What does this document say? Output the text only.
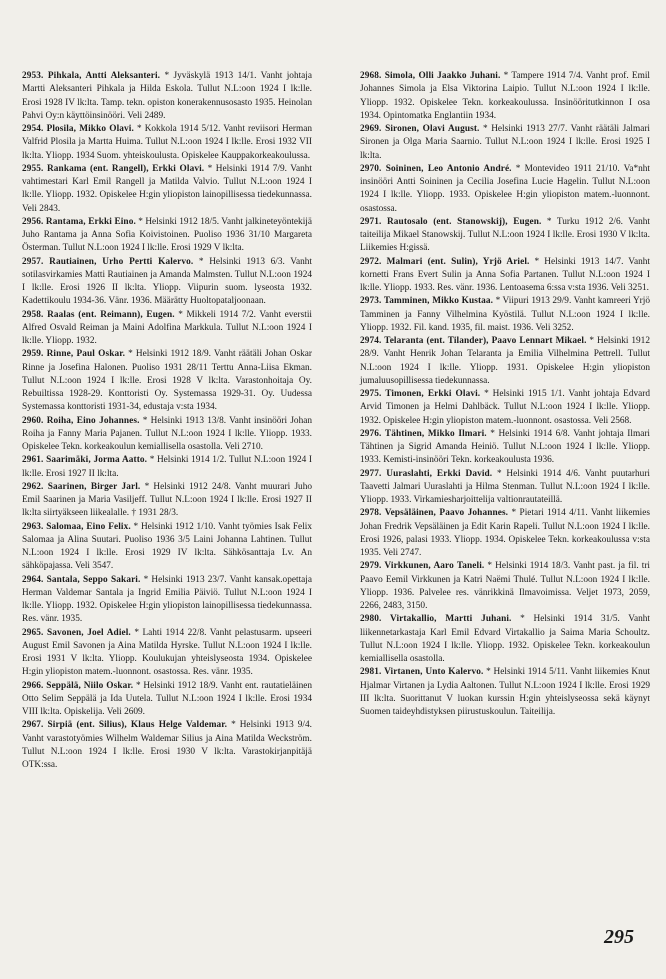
2953. Pihkala, Antti Aleksanteri. * Jyväskylä 1913 14/1. Vanht johtaja Martti Aleksanteri Pihkala ja Hilda Eskola. Tullut N.L:oon 1924 I lk:lle. Erosi 1928 IV lk:lta. Tamp. tekn. opiston konerakennusosasto 1935. Heinolan Pahvi Oy:n käyttöinsinööri. Veli 2489.

2954. Plosila, Mikko Olavi. * Kokkola 1914 5/12. Vanht reviisori Herman Valfrid Plosila ja Martta Huima. Tullut N.L:oon 1924 I lk:lle. Erosi 1932 VII lk:lta. Yliopp. 1934 Suom. yhteiskoulusta. Opiskelee Kauppakorkeakoulussa.

2955. Rankama (ent. Rangell), Erkki Olavi. * Helsinki 1914 7/9. Vanht vahtimestari Karl Emil Rangell ja Matilda Valvio. Tullut N.L:oon 1924 I lk:lle. Yliopp. 1932. Opiskelee H:gin yliopiston lainopillisessa tiedekunnassa. Veli 2843.

2956. Rantama, Erkki Eino. * Helsinki 1912 18/5. Vanht jalkineteyöntekijä Juho Rantama ja Anna Sofia Koivistoinen. Puoliso 1936 31/10 Margareta Österman. Tullut N.L:oon 1924 I lk:lle. Erosi 1929 V lk:lta.

2957. Rautiainen, Urho Pertti Kalervo. * Helsinki 1913 6/3. Vanht sotilasvirkamies Matti Rautiainen ja Amanda Malmsten. Tullut N.L:oon 1924 I lk:lle. Erosi 1926 II lk:lta. Yliopp. Viipurin suom. lyseosta 1932. Kadettikoulu 1934-36. Vänr. 1936. Määrätty Huoltopataljoonaan.

2958. Raalas (ent. Reimann), Eugen. * Mikkeli 1914 7/2. Vanht everstii Alfred Osvald Reiman ja Maini Adolfina Markkula. Tullut N.L:oon 1924 I lk:lle. Yliopp. 1932.

2959. Rinne, Paul Oskar. * Helsinki 1912 18/9. Vanht räätäli Johan Oskar Rinne ja Josefina Halonen. Puoliso 1931 28/11 Terttu Anna-Liisa Ekman. Tullut N.L:oon 1924 I lk:lle. Erosi 1928 V lk:lta. Varastonhoitaja Oy. Rebuiltissa 1928-29. Konttoristi Oy. Systemassa 1929-31. Oy. Uudessa Systemassa konttoristi 1931-34, edustaja v:sta 1934.

2960. Roiha, Eino Johannes. * Helsinki 1913 13/8. Vanht insinööri Johan Roiha ja Fanny Maria Pajanen. Tullut N.L:oon 1924 I lk:lle. Yliopp. 1933. Opiskelee Tekn. korkeakoulun kemiallisella osastolla. Veli 2710.

2961. Saarimäki, Jorma Aatto. * Helsinki 1914 1/2. Tullut N.L:oon 1924 I lk:lle. Erosi 1927 II lk:lta.

2962. Saarinen, Birger Jarl. * Helsinki 1912 24/8. Vanht muurari Juho Emil Saarinen ja Maria Vasiljeff. Tullut N.L:oon 1924 I lk:lle. Erosi 1927 II lk:lta siirtyäkseen liikealalle. † 1931 28/3.

2963. Salomaa, Eino Felix. * Helsinki 1912 1/10. Vanht työmies Isak Felix Salomaa ja Alina Suutari. Puoliso 1936 3/5 Laini Johanna Lahtinen. Tullut N.L:oon 1924 I lk:lle. Erosi 1929 IV lk:lta. Sähkösanttaja Lv. An sähköpajassa. Veli 3547.

2964. Santala, Seppo Sakari. * Helsinki 1913 23/7. Vanht kansak.opettaja Herman Valdemar Santala ja Ingrid Emilia Päiviö. Tullut N.L:oon 1924 I lk:lle. Yliopp. 1932. Opiskelee H:gin yliopiston lainopillisessa tiedekunnassa. Res. vänr. 1935.

2965. Savonen, Joel Adiel. * Lahti 1914 22/8. Vanht pelastusarm. upseeri August Emil Savonen ja Aina Matilda Hyrske. Tullut N.L:oon 1924 I lk:lle. Erosi 1931 V lk:lta. Yliopp. Koulukujan yhteislyseosta 1934. Opiskelee H:gin yliopiston matem.-luonnont. osastossa. Res. vänr. 1935.

2966. Seppälä, Niilo Oskar. * Helsinki 1912 18/9. Vanht ent. rautatieläinen Otto Selim Seppälä ja Ida Uutela. Tullut N.L:oon 1924 I lk:lle. Erosi 1934 VIII lk:lta. Opiskelija. Veli 2609.

2967. Sirpiä (ent. Silius), Klaus Helge Valdemar. * Helsinki 1913 9/4. Vanht varastotyömies Wilhelm Waldemar Silius ja Aina Matilda Weckström. Tullut N.L:oon 1924 I lk:lle. Erosi 1930 V lk:lta. Varastokirjanpitäjä OTK:ssa.

2968. Simola, Olli Jaakko Juhani. * Tampere 1914 7/4. Vanht prof. Emil Johannes Simola ja Elsa Viktorina Laipio. Tullut N.L:oon 1924 I lk:lle. Yliopp. 1932. Opiskelee Tekn. korkeakoulussa. Insinööritutkinnon I osa 1934. Opintomatka Englantiin 1934.

2969. Sironen, Olavi August. * Helsinki 1913 27/7. Vanht räätäli Jalmari Sironen ja Olga Maria Saarnio. Tullut N.L:oon 1924 I lk:lle. Erosi 1925 I lk:lta.

2970. Soininen, Leo Antonio André. * Montevideo 1911 21/10. Va*nht insinööri Antti Soininen ja Cecilia Josefina Lucie Hagelin. Tullut N.L:oon 1924 I lk:lle. Yliopp. 1933. Opiskelee H:gin yliopiston matem.-luonnont. osastossa.

2971. Rautosalo (ent. Stanowskij), Eugen. * Turku 1912 2/6. Vanht taiteilija Mikael Stanowskij. Tullut N.L:oon 1924 I lk:lle. Erosi 1930 V lk:lta. Liikemies H:gissä.

2972. Malmari (ent. Sulin), Yrjö Ariel. * Helsinki 1913 14/7. Vanht kornetti Frans Evert Sulin ja Anna Sofia Partanen. Tullut N.L:oon 1924 I lk:lle. Yliopp. 1933. Res. vänr. 1936. Lentoasema 6:ssa v:sta 1936. Veli 3251.

2973. Tamminen, Mikko Kustaa. * Viipuri 1913 29/9. Vanht kamreeri Yrjö Tamminen ja Fanny Vilhelmina Kyöstilä. Tullut N.L:oon 1924 I lk:lle. Yliopp. 1932. Fil. kand. 1935, fil. maist. 1936. Veli 3252.

2974. Telaranta (ent. Tilander), Paavo Lennart Mikael. * Helsinki 1912 28/9. Vanht Henrik Johan Telaranta ja Emilia Vilhelmina Pettrell. Tullut N.L:oon 1924 I lk:lle. Yliopp. 1931. Opiskelee H:gin yliopiston jumaluusopillisessa tiedekunnassa.

2975. Timonen, Erkki Olavi. * Helsinki 1915 1/1. Vanht johtaja Edvard Arvid Timonen ja Helmi Dahlbäck. Tullut N.L:oon 1924 I lk:lle. Yliopp. 1932. Opiskelee H:gin yliopiston matem.-luonnont. osastossa. Veli 2568.

2976. Tähtinen, Mikko Ilmari. * Helsinki 1914 6/8. Vanht johtaja Ilmari Tähtinen ja Sigrid Amanda Heiniö. Tullut N.L:oon 1924 I lk:lle. Yliopp. 1933. Kemisti-insinööri Tekn. korkeakoulusta 1936.

2977. Uuraslahti, Erkki David. * Helsinki 1914 4/6. Vanht puutarhuri Taavetti Jalmari Uuraslahti ja Hilma Stenman. Tullut N.L:oon 1924 I lk:lle. Yliopp. 1933. Virkamiesharjoittelija valtionrautateillä.

2978. Vepsäläinen, Paavo Johannes. * Pietari 1914 4/11. Vanht liikemies Johan Fredrik Vepsäläinen ja Edit Karin Rapeli. Tullut N.L:oon 1924 I lk:lle. Erosi 1926, palasi 1933. Yliopp. 1934. Opiskelee Tekn. korkeakoulussa v:sta 1935. Veli 2747.

2979. Virkkunen, Aaro Taneli. * Helsinki 1914 18/3. Vanht past. ja fil. tri Paavo Eemil Virkkunen ja Katri Naëmi Thulé. Tullut N.L:oon 1924 I lk:lle. Yliopp. 1936. Palvelee res. vänrikkinä Ilmavoimissa. Veljet 1973, 2059, 2266, 2483, 3150.

2980. Virtakallio, Martti Juhani. * Helsinki 1914 31/5. Vanht liikennetarkastaja Karl Emil Edvard Virtakallio ja Saima Maria Schoultz. Tullut N.L:oon 1924 I lk:lle. Yliopp. 1932. Opiskelee Tekn. korkeakoulun kemiallisella osastolla.

2981. Virtanen, Unto Kalervo. * Helsinki 1914 5/11. Vanht liikemies Knut Hjalmar Virtanen ja Lydia Aaltonen. Tullut N.L:oon 1924 I lk:lle. Erosi 1929 III lk:lta. Suorittanut V luokan kurssin H:gin yhteislyseossa sekä käynyt Suomen taideyhdistyksen piirustuskoulun. Taiteilija.

295
